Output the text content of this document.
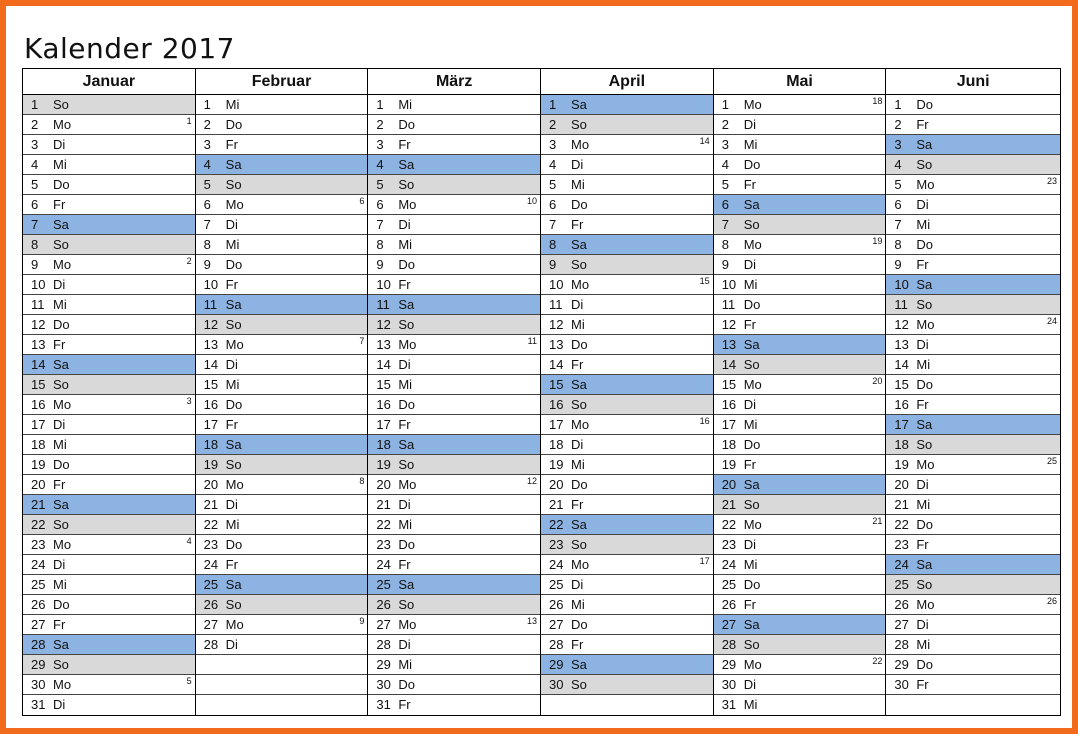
Kalender 2017
Januar
1 So
2 Mo	1
3 Di
4 Mi
5 Do
6 Fr
7 Sa
8 So
9 Mo	2
10 Di
11 Mi
12 Do
13 Fr
14 Sa
15 So
16 Mo	3
17 Di
18 Mi
19 Do
20 Fr
21 Sa
22 So
23 Mo	4
24 Di
25 Mi
26 Do
27 Fr
28 Sa
29 So
30 Mo	5
31 Di
Februar
1 Mi
2 Do
3 Fr
4 Sa
5 So
6 Mo	6
7 Di
8 Mi
9 Do
10 Fr
11 Sa
12 So
13 Mo	7
14 Di
15 Mi
16 Do
17 Fr
18 Sa
19 So
20 Mo	8
21 Di
22 Mi
23 Do
24 Fr
25 Sa
26 So
27 Mo	9
28 Di
März
1 Mi
2 Do
3 Fr
4 Sa
5 So
6 Mo	10
7 Di
8 Mi
9 Do
10 Fr
11 Sa
12 So
13 Mo	11
14 Di
15 Mi
16 Do
17 Fr
18 Sa
19 So
20 Mo	12
21 Di
22 Mi
23 Do
24 Fr
25 Sa
26 So
27 Mo	13
28 Di
29 Mi
30 Do
31 Fr
April
1 Sa
2 So
3 Mo	14
4 Di
5 Mi
6 Do
7 Fr
8 Sa
9 So
10 Mo	15
11 Di
12 Mi
13 Do
14 Fr
15 Sa
16 So
17 Mo	16
18 Di
19 Mi
20 Do
21 Fr
22 Sa
23 So
24 Mo	17
25 Di
26 Mi
27 Do
28 Fr
29 Sa
30 So
Mai
1 Mo	18
2 Di
3 Mi
4 Do
5 Fr
6 Sa
7 So
8 Mo	19
9 Di
10 Mi
11 Do
12 Fr
13 Sa
14 So
15 Mo	20
16 Di
17 Mi
18 Do
19 Fr
20 Sa
21 So
22 Mo	21
23 Di
24 Mi
25 Do
26 Fr
27 Sa
28 So
29 Mo	22
30 Di
31 Mi
Juni
1 Do
2 Fr
3 Sa
4 So
5 Mo	23
6 Di
7 Mi
8 Do
9 Fr
10 Sa
11 So
12 Mo	24
13 Di
14 Mi
15 Do
16 Fr
17 Sa
18 So
19 Mo	25
20 Di
21 Mi
22 Do
23 Fr
24 Sa
25 So
26 Mo	26
27 Di
28 Mi
29 Do
30 Fr
